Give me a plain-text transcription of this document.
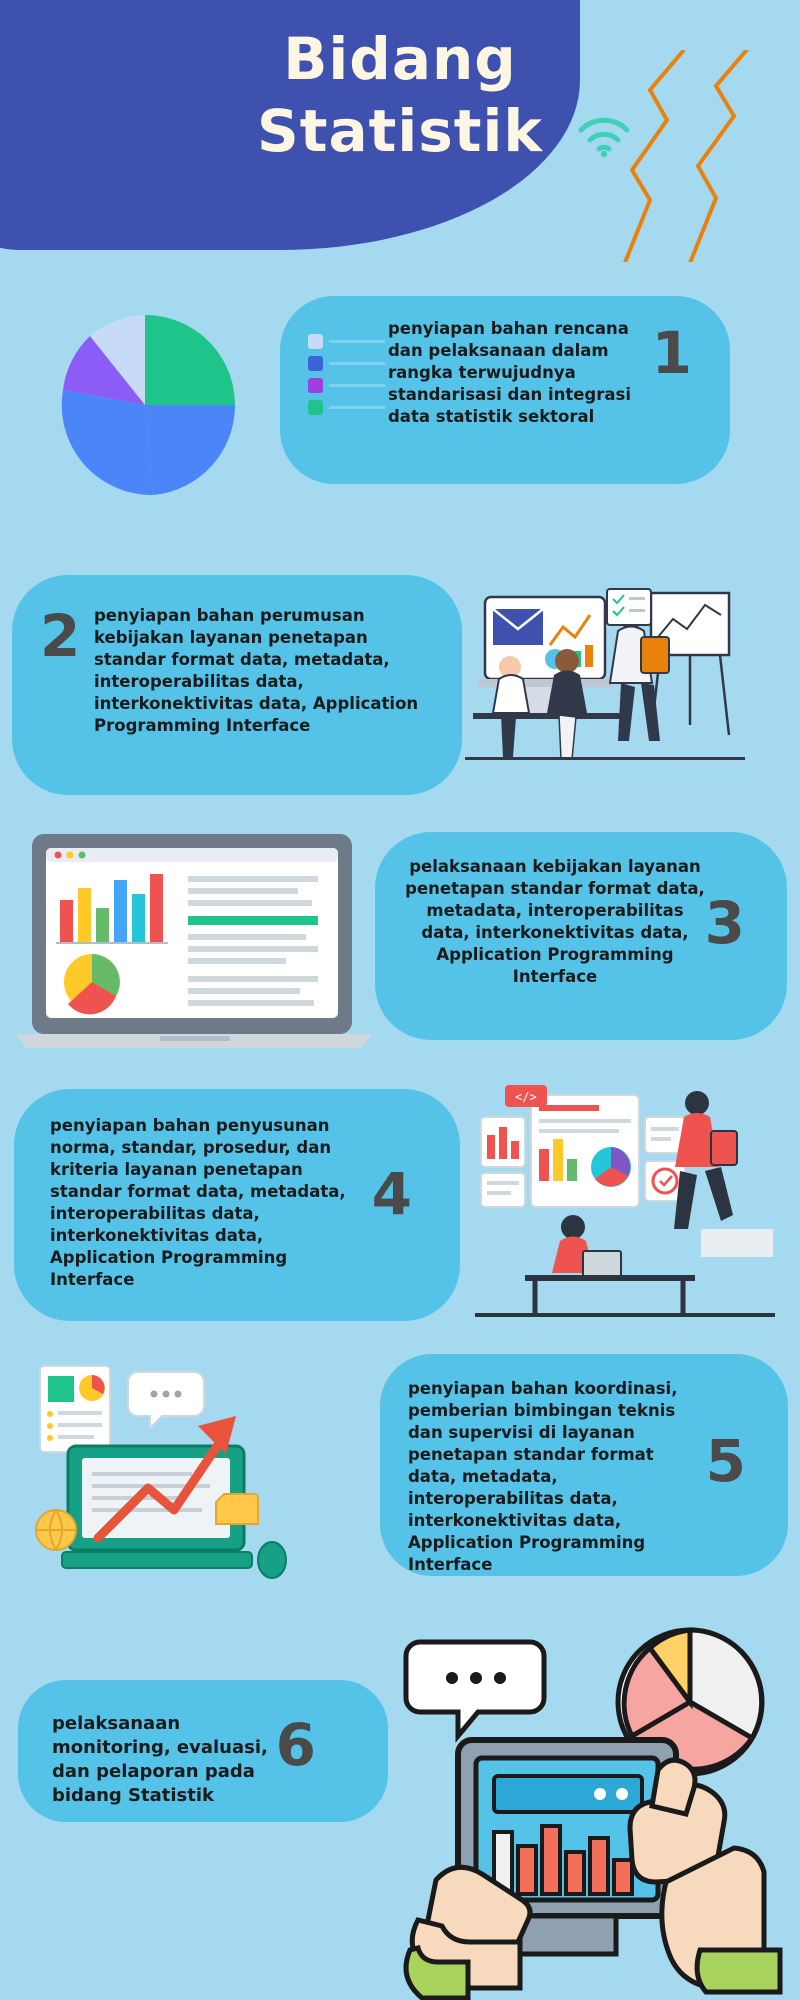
Bidang
Statistik

penyiapan bahan rencana dan pelaksanaan dalam rangka terwujudnya standarisasi dan integrasi data statistik sektoral

1
2 penyiapan bahan perumusan kebijakan layanan penetapan standar format data, metadata, interoperabilitas data, interkonektivitas data, Application Programming Interface

pelaksanaan kebijakan layanan penetapan standar format data, metadata, interoperabilitas data, interkonektivitas data, Application Programming Interface

3

penyiapan bahan penyusunan norma, standar, prosedur, dan kriteria layanan penetapan standar format data, metadata, interoperabilitas data, interkonektivitas data, Application Programming Interface

4
</>

penyiapan bahan koordinasi, pemberian bimbingan teknis dan supervisi di layanan penetapan standar format data, metadata, interoperabilitas data, interkonektivitas data, Application Programming Interface

5

pelaksanaan monitoring, evaluasi, dan pelaporan pada bidang Statistik

6
